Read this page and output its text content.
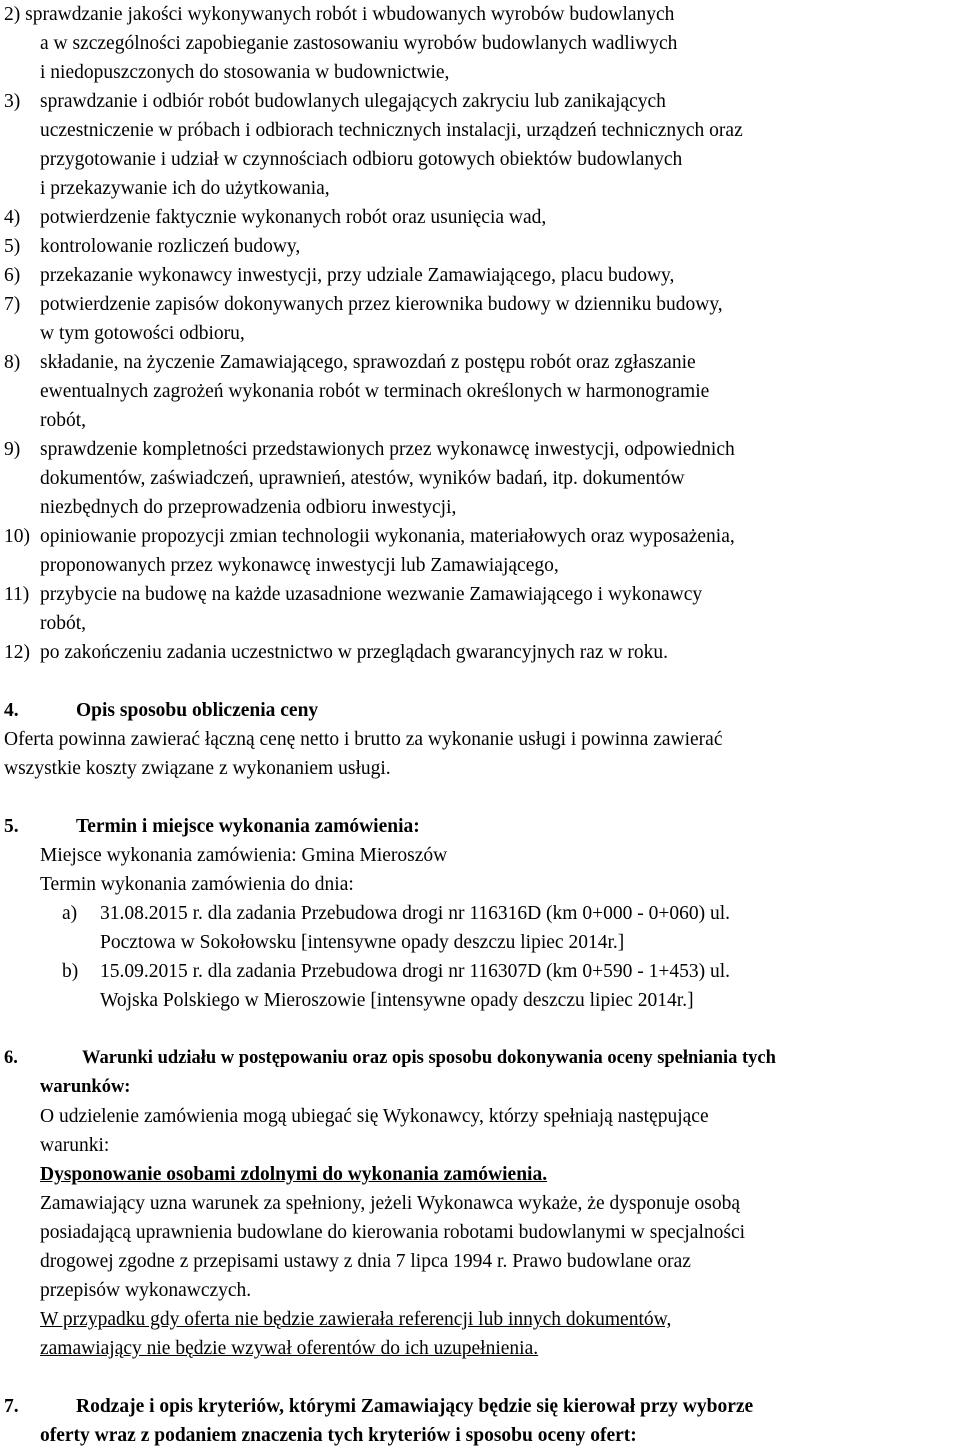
2) sprawdzanie jakości wykonywanych robót i wbudowanych wyrobów budowlanych
a w szczególności zapobieganie zastosowaniu wyrobów budowlanych wadliwych
i niedopuszczonych do stosowania w budownictwie,
3)	sprawdzanie i odbiór robót budowlanych ulegających zakryciu lub zanikających
uczestniczenie w próbach i odbiorach technicznych instalacji, urządzeń technicznych oraz
przygotowanie i udział w czynnościach odbioru gotowych obiektów budowlanych
i przekazywanie ich do użytkowania,
4)	potwierdzenie faktycznie wykonanych robót oraz usunięcia wad,
5)	kontrolowanie rozliczeń budowy,
6)	przekazanie wykonawcy inwestycji, przy udziale Zamawiającego, placu budowy,
7)	potwierdzenie zapisów dokonywanych przez kierownika budowy w dzienniku budowy,
w tym gotowości odbioru,
8)	składanie, na życzenie Zamawiającego, sprawozdań z postępu robót oraz zgłaszanie
ewentualnych zagrożeń wykonania robót w terminach określonych w harmonogramie
robót,
9)	sprawdzenie kompletności przedstawionych przez wykonawcę inwestycji, odpowiednich
dokumentów, zaświadczeń, uprawnień, atestów, wyników badań, itp. dokumentów
niezbędnych do przeprowadzenia odbioru inwestycji,
10) opiniowanie propozycji zmian technologii wykonania, materiałowych oraz wyposażenia,
proponowanych przez wykonawcę inwestycji lub Zamawiającego,
11) przybycie na budowę na każde uzasadnione wezwanie Zamawiającego i wykonawcy
robót,
12) po zakończeniu zadania uczestnictwo w przeglądach gwarancyjnych raz w roku.
4.	Opis sposobu obliczenia ceny
Oferta powinna zawierać łączną cenę netto i brutto za wykonanie usługi i powinna zawierać
wszystkie koszty związane z wykonaniem usługi.
5.	Termin i miejsce wykonania zamówienia:
Miejsce wykonania zamówienia: Gmina Mieroszów
Termin wykonania zamówienia do dnia:
a)	31.08.2015 r. dla zadania Przebudowa drogi nr 116316D (km 0+000 - 0+060) ul.
Pocztowa w Sokołowsku [intensywne opady deszczu lipiec 2014r.]
b)	15.09.2015 r. dla zadania Przebudowa drogi nr 116307D (km 0+590 - 1+453) ul.
Wojska Polskiego w Mieroszowie [intensywne opady deszczu lipiec 2014r.]
6.	Warunki udziału w postępowaniu oraz opis sposobu dokonywania oceny spełniania tych
warunków:
O udzielenie zamówienia mogą ubiegać się Wykonawcy, którzy spełniają następujące
warunki:
Dysponowanie osobami zdolnymi do wykonania zamówienia.
Zamawiający uzna warunek za spełniony, jeżeli Wykonawca wykaże, że dysponuje osobą
posiadającą uprawnienia budowlane do kierowania robotami budowlanymi w specjalności
drogowej zgodne z przepisami ustawy z dnia 7 lipca 1994 r. Prawo budowlane oraz
przepisów wykonawczych.
W przypadku gdy oferta nie będzie zawierała referencji lub innych dokumentów,
zamawiający nie będzie wzywał oferentów do ich uzupełnienia.
7.	Rodzaje i opis kryteriów, którymi Zamawiający będzie się kierował przy wyborze
oferty wraz z podaniem znaczenia tych kryteriów i sposobu oceny ofert:
